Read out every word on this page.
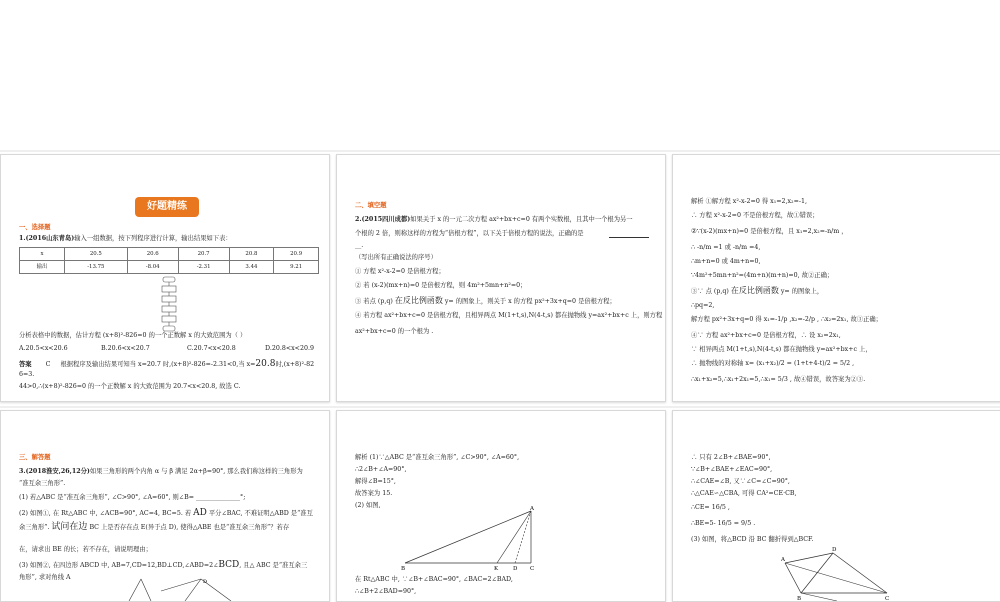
好题精练
一、选择题
1.(2016山东青岛)输入一组数据，按下列程序进行计算，输出结果如下表：
x	20.5	20.6	20.7	20.8	20.9
输出	-13.75	-8.04	-2.31	3.44	9.21
分析表格中的数据，估计方程 (x+8)²-826=0 的一个正数解 x 的大致范围为（ ）
A.20.5<x<20.6	B.20.6<x<20.7	C.20.7<x<20.8	D.20.8<x<20.9
答案 C 根据程序及输出结果可知当 x=20.7 时,(x+8)²-826=-2.31<0,当 x=20.8时,(x+8)²-82
6=3.
44>0,∴(x+8)²-826=0 的一个正数解 x 的大致范围为 20.7<x<20.8, 故选 C.
二、填空题
2.(2015四川成都)如果关于 x 的一元二次方程 ax²+bx+c=0 有两个实数根，且其中一个根为另一
个根的 2 倍，则称这样的方程为“倍根方程”，以下关于倍根方程的说法，正确的是
__.
（写出所有正确说法的序号）
① 方程 x²-x-2=0 是倍根方程；
② 若 (x-2)(mx+n)=0 是倍根方程，则 4m²+5mn+n²=0；
③ 若点 (p,q) 在反比例函数 y= 的图象上，则关于 x 的方程 px²+3x+q=0 是倍根方程；
④ 若方程 ax²+bx+c=0 是倍根方程，且相异两点 M(1+t,s),N(4-t,s) 都在抛物线 y=ax²+bx+c 上，则方程
ax²+bx+c=0 的一个根为 .
解析 ①解方程 x²-x-2=0 得 x₁=2,x₂=-1,
∴ 方程 x²-x-2=0 不是倍根方程，故①错误；
②∵(x-2)(mx+n)=0 是倍根方程，且 x₁=2,x₂=-n/m ，
∴ -n/m =1 或 -n/m =4,
∴m+n=0 或 4m+n=0,
∵4m²+5mn+n²=(4m+n)(m+n)=0, 故②正确；
③∵ 点 (p,q) 在反比例函数 y= 的图象上，
∴pq=2,
解方程 px²+3x+q=0 得 x₁=-1/p ,x₂=-2/p , ∴x₂=2x₁, 故③正确；
④∵ 方程 ax²+bx+c=0 是倍根方程，∴ 设 x₂=2x₁,
∵ 相异两点 M(1+t,s),N(4-t,s) 都在抛物线 y=ax²+bx+c 上，
∴ 抛物线的对称轴 x= (x₁+x₂)/2 = (1+t+4-t)/2 = 5/2 ,
∴x₁+x₂=5,∴x₁+2x₁=5,∴x₁= 5/3 , 故④错误，故答案为②③.
三、解答题
3.(2018淮安,26,12分)如果三角形的两个内角 α 与 β 满足 2α+β=90°, 那么我们称这样的三角形为
“准互余三角形”.
(1) 若△ABC 是“准互余三角形”, ∠C>90°, ∠A=60°, 则∠B= ______________°;
(2) 如图①, 在 Rt△ABC 中, ∠ACB=90°, AC=4, BC=5. 若 AD 平分∠BAC, 不难证明△ABD 是“准互
余三角形”. 试问在边 BC 上是否存在点 E(异于点 D), 使得△ABE 也是“准互余三角形”？若存
在，请求出 BE 的长；若不存在，请说明理由；
(3) 如图②, 在四边形 ABCD 中, AB=7,CD=12,BD⊥CD,∠ABD=2∠BCD, 且△ ABC 是“准互余三
角形”, 求对角线 A
D
解析 (1)∵△ABC 是“准互余三角形”, ∠C>90°, ∠A=60°,
∴2∠B+∠A=90°,
解得∠B=15°,
故答案为 15.
(2) 如图,	A
B	K	D C
在 Rt△ABC 中, ∵∠B+∠BAC=90°, ∠BAC=2∠BAD,
∴∠B+2∠BAD=90°,
∴ 只有 2∠B+∠BAE=90°,
∵∠B+∠BAE+∠EAC=90°,
∴∠CAE=∠B, 又∵∠C=∠C=90°,
∴△CAE∽△CBA, 可得 CA²=CE·CB,
∴CE= 16/5 ,
∴BE=5- 16/5 = 9/5 .
(3) 如图，将△BCD 沿 BC 翻折得到△BCF.
A
D
B	C
